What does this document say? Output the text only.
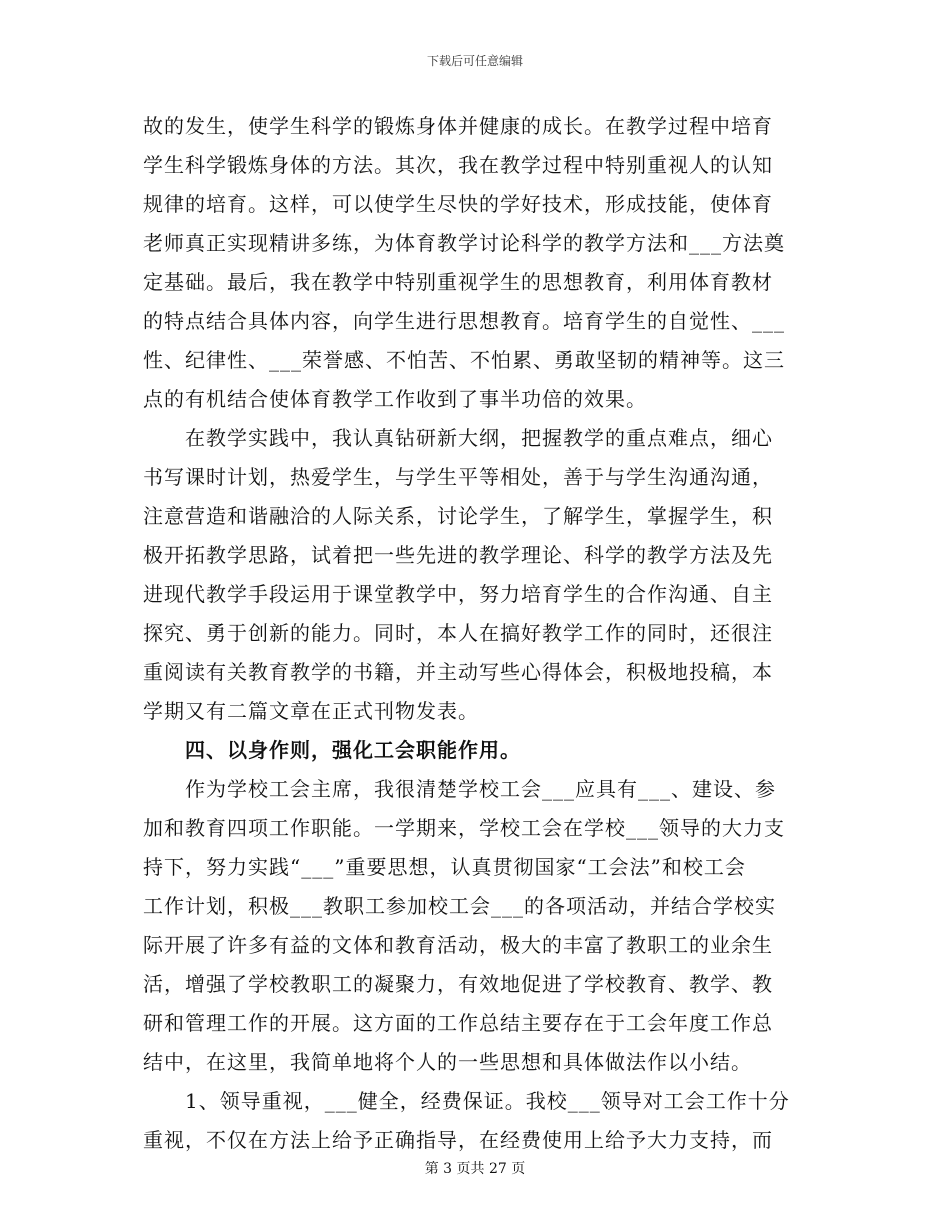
下载后可任意编辑
故的发生，使学生科学的锻炼身体并健康的成长。在教学过程中培育
学生科学锻炼身体的方法。其次，我在教学过程中特别重视人的认知
规律的培育。这样，可以使学生尽快的学好技术，形成技能，使体育
老师真正实现精讲多练，为体育教学讨论科学的教学方法和___方法奠
定基础。最后，我在教学中特别重视学生的思想教育，利用体育教材
的特点结合具体内容，向学生进行思想教育。培育学生的自觉性、___
性、纪律性、___荣誉感、不怕苦、不怕累、勇敢坚韧的精神等。这三
点的有机结合使体育教学工作收到了事半功倍的效果。
在教学实践中，我认真钻研新大纲，把握教学的重点难点，细心
书写课时计划，热爱学生，与学生平等相处，善于与学生沟通沟通，
注意营造和谐融洽的人际关系，讨论学生，了解学生，掌握学生，积
极开拓教学思路，试着把一些先进的教学理论、科学的教学方法及先
进现代教学手段运用于课堂教学中，努力培育学生的合作沟通、自主
探究、勇于创新的能力。同时，本人在搞好教学工作的同时，还很注
重阅读有关教育教学的书籍，并主动写些心得体会，积极地投稿，本
学期又有二篇文章在正式刊物发表。
四、以身作则，强化工会职能作用。
作为学校工会主席，我很清楚学校工会___应具有___、建设、参
加和教育四项工作职能。一学期来，学校工会在学校___领导的大力支
持下，努力实践“___”重要思想，认真贯彻国家“工会法”和校工会
工作计划，积极___教职工参加校工会___的各项活动，并结合学校实
际开展了许多有益的文体和教育活动，极大的丰富了教职工的业余生
活，增强了学校教职工的凝聚力，有效地促进了学校教育、教学、教
研和管理工作的开展。这方面的工作总结主要存在于工会年度工作总
结中，在这里，我简单地将个人的一些思想和具体做法作以小结。
1、领导重视，___健全，经费保证。我校___领导对工会工作十分
重视，不仅在方法上给予正确指导，在经费使用上给予大力支持，而
第 3 页共 27 页
